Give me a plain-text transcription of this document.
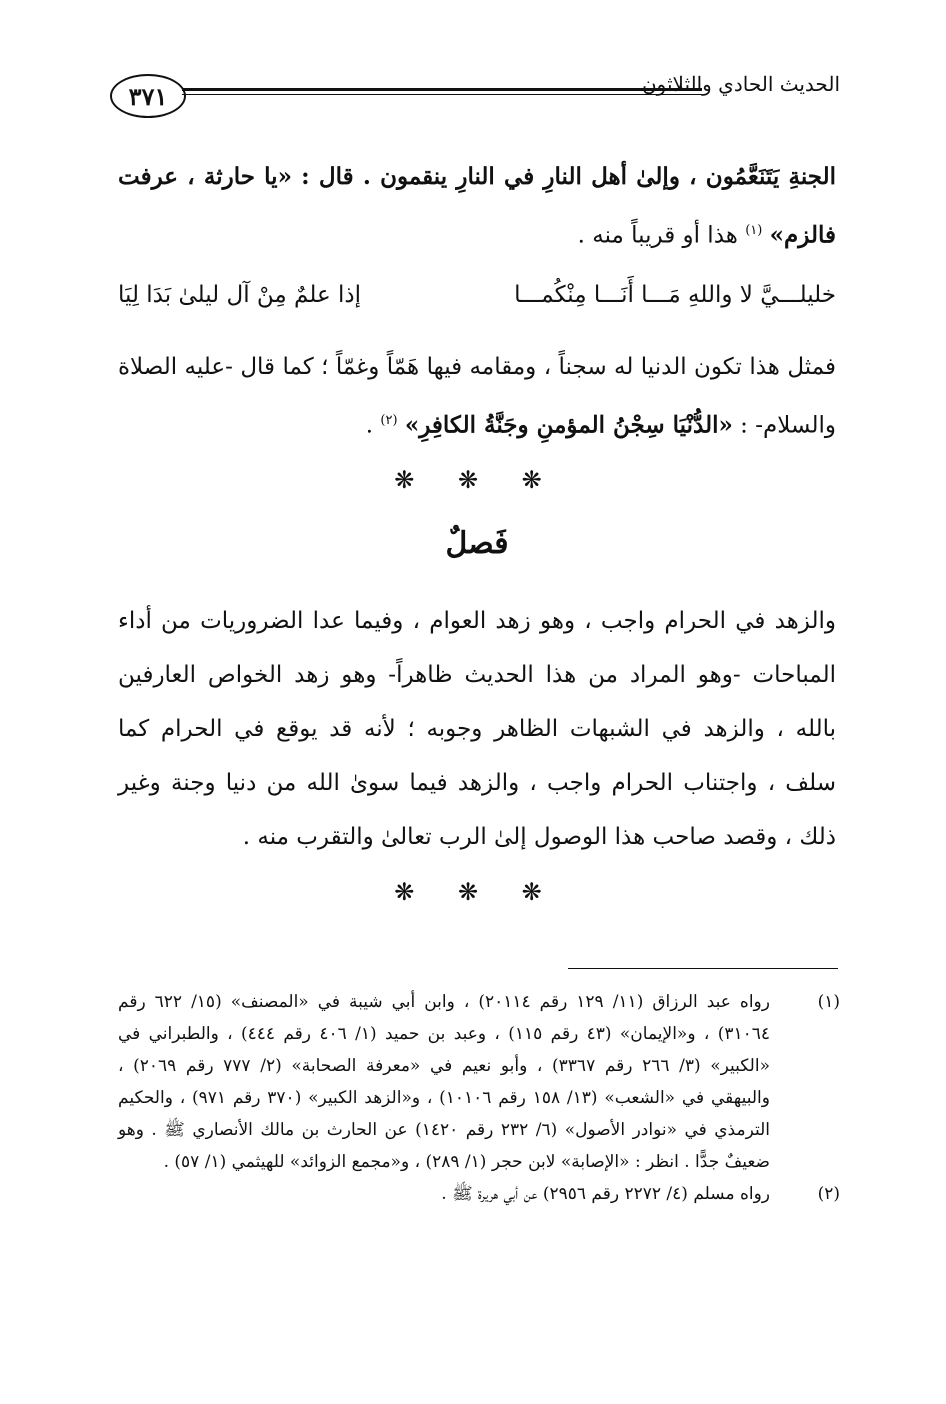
٣٧١	الحديث الحادي والثلاثون

الجنةِ يَتَنَعَّمُون ، وإلىٰ أهل النارِ في النارِ ينقمون . قال : «يا حارثة ، عرفت فالزم» $^{(١)}$ هذا أو قريباً منه .

خليلـــيَّ لا واللهِ مَـــا أَنَـــا مِنْكُمـــا
إذا علمٌ مِنْ آل ليلىٰ بَدَا لِيَا

فمثل هذا تكون الدنيا له سجناً ، ومقامه فيها هَمّاً وغمّاً ؛ كما قال -عليه الصلاة والسلام- : «الدُّنْيَا سِجْنُ المؤمنِ وجَنَّةُ الكافِرِ» $^{(٢)}$ .

❋ ❋ ❋
فَصلٌ

والزهد في الحرام واجب ، وهو زهد العوام ، وفيما عدا الضروريات من أداء المباحات -وهو المراد من هذا الحديث ظاهراً- وهو زهد الخواص العارفين بالله ، والزهد في الشبهات الظاهر وجوبه ؛ لأنه قد يوقع في الحرام كما سلف ، واجتناب الحرام واجب ، والزهد فيما سوىٰ الله من دنيا وجنة وغير ذلك ، وقصد صاحب هذا الوصول إلىٰ الرب تعالىٰ والتقرب منه .

❋ ❋ ❋
(١)
رواه عبد الرزاق (١١/ ١٢٩ رقم ٢٠١١٤) ، وابن أبي شيبة في «المصنف» (١٥/ ٦٢٢ رقم ٣١٠٦٤) ، و«الإيمان» (٤٣ رقم ١١٥) ، وعبد بن حميد (١/ ٤٠٦ رقم ٤٤٤) ، والطبراني في «الكبير» (٣/ ٢٦٦ رقم ٣٣٦٧) ، وأبو نعيم في «معرفة الصحابة» (٢/ ٧٧٧ رقم ٢٠٦٩) ، والبيهقي في «الشعب» (١٣/ ١٥٨ رقم ١٠١٠٦) ، و«الزهد الكبير» (٣٧٠ رقم ٩٧١) ، والحكيم الترمذي في «نوادر الأصول» (٦/ ٢٣٢ رقم ١٤٢٠) عن الحارث بن مالك الأنصاري ﷺ . وهو ضعيفٌ جدًّا . انظر : «الإصابة» لابن حجر (١/ ٢٨٩) ، و«مجمع الزوائد» للهيثمي (١/ ٥٧) .
(٢)
رواه مسلم (٤/ ٢٢٧٢ رقم ٢٩٥٦) عن أبي هريرة ﷺ .
